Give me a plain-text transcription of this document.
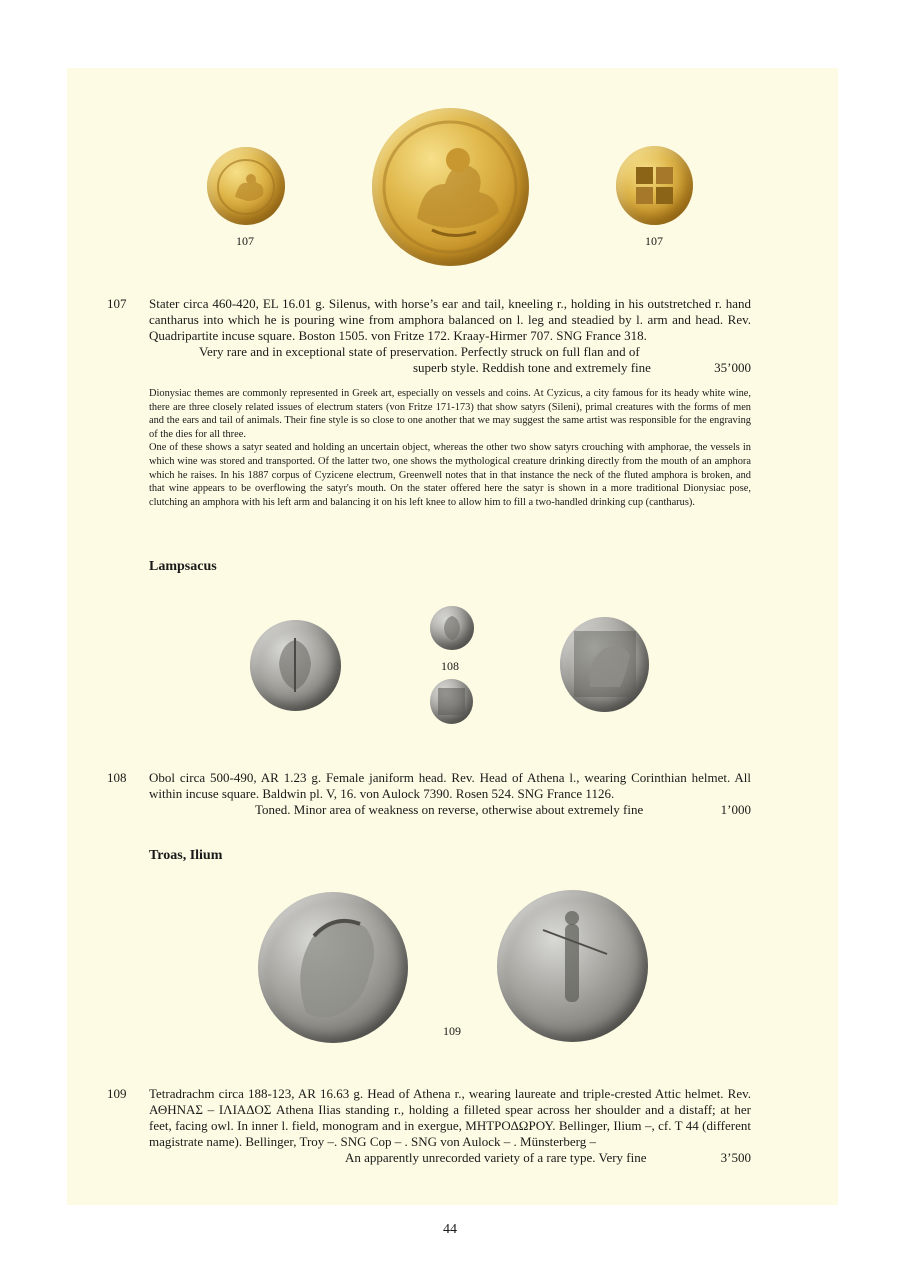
107	107
107 Stater circa 460-420, EL 16.01 g. Silenus, with horse’s ear and tail, kneeling r., holding in his outstretched r. hand cantharus into which he is pouring wine from amphora balanced on l. leg and steadied by l. arm and head. Rev. Quadripartite incuse square. Boston 1505. von Fritze 172. Kraay-Hirmer 707. SNG France 318.

Very rare and in exceptional state of preservation. Perfectly struck on full flan and of

superb style. Reddish tone and extremely fine	35’000

Dionysiac themes are commonly represented in Greek art, especially on vessels and coins. At Cyzicus, a city famous for its heady white wine, there are three closely related issues of electrum staters (von Fritze 171-173) that show satyrs (Sileni), primal creatures with the forms of men and the ears and tail of animals. Their fine style is so close to one another that we may suggest the same artist was responsible for the engraving of the dies for all three.

One of these shows a satyr seated and holding an uncertain object, whereas the other two show satyrs crouching with amphorae, the vessels in which wine was stored and transported. Of the latter two, one shows the mythological creature drinking directly from the mouth of an amphora which he raises. In his 1887 corpus of Cyzicene electrum, Greenwell notes that in that instance the neck of the fluted amphora is broken, and that wine appears to be overflowing the satyr's mouth. On the stater offered here the satyr is shown in a more traditional Dionysiac pose, clutching an amphora with his left arm and balancing it on his left knee to allow him to fill a two-handled drinking cup (cantharus).

Lampsacus
108
108 Obol circa 500-490, AR 1.23 g. Female janiform head. Rev. Head of Athena l., wearing Corinthian helmet. All within incuse square. Baldwin pl. V, 16. von Aulock 7390. Rosen 524. SNG France 1126.

Toned. Minor area of weakness on reverse, otherwise about extremely fine	1’000
Troas, Ilium
109
109 Tetradrachm circa 188-123, AR 16.63 g. Head of Athena r., wearing laureate and triple-crested Attic helmet. Rev. ΑΘΗΝΑΣ – ΙΛΙΑΔΟΣ Athena Ilias standing r., holding a filleted spear across her shoulder and a distaff; at her feet, facing owl. In inner l. field, monogram and in exergue, ΜΗΤΡΟΔΩΡΟΥ. Bellinger, Ilium –, cf. T 44 (different magistrate name). Bellinger, Troy –. SNG Cop – . SNG von Aulock – . Münsterberg –

An apparently unrecorded variety of a rare type. Very fine	3’500
44
